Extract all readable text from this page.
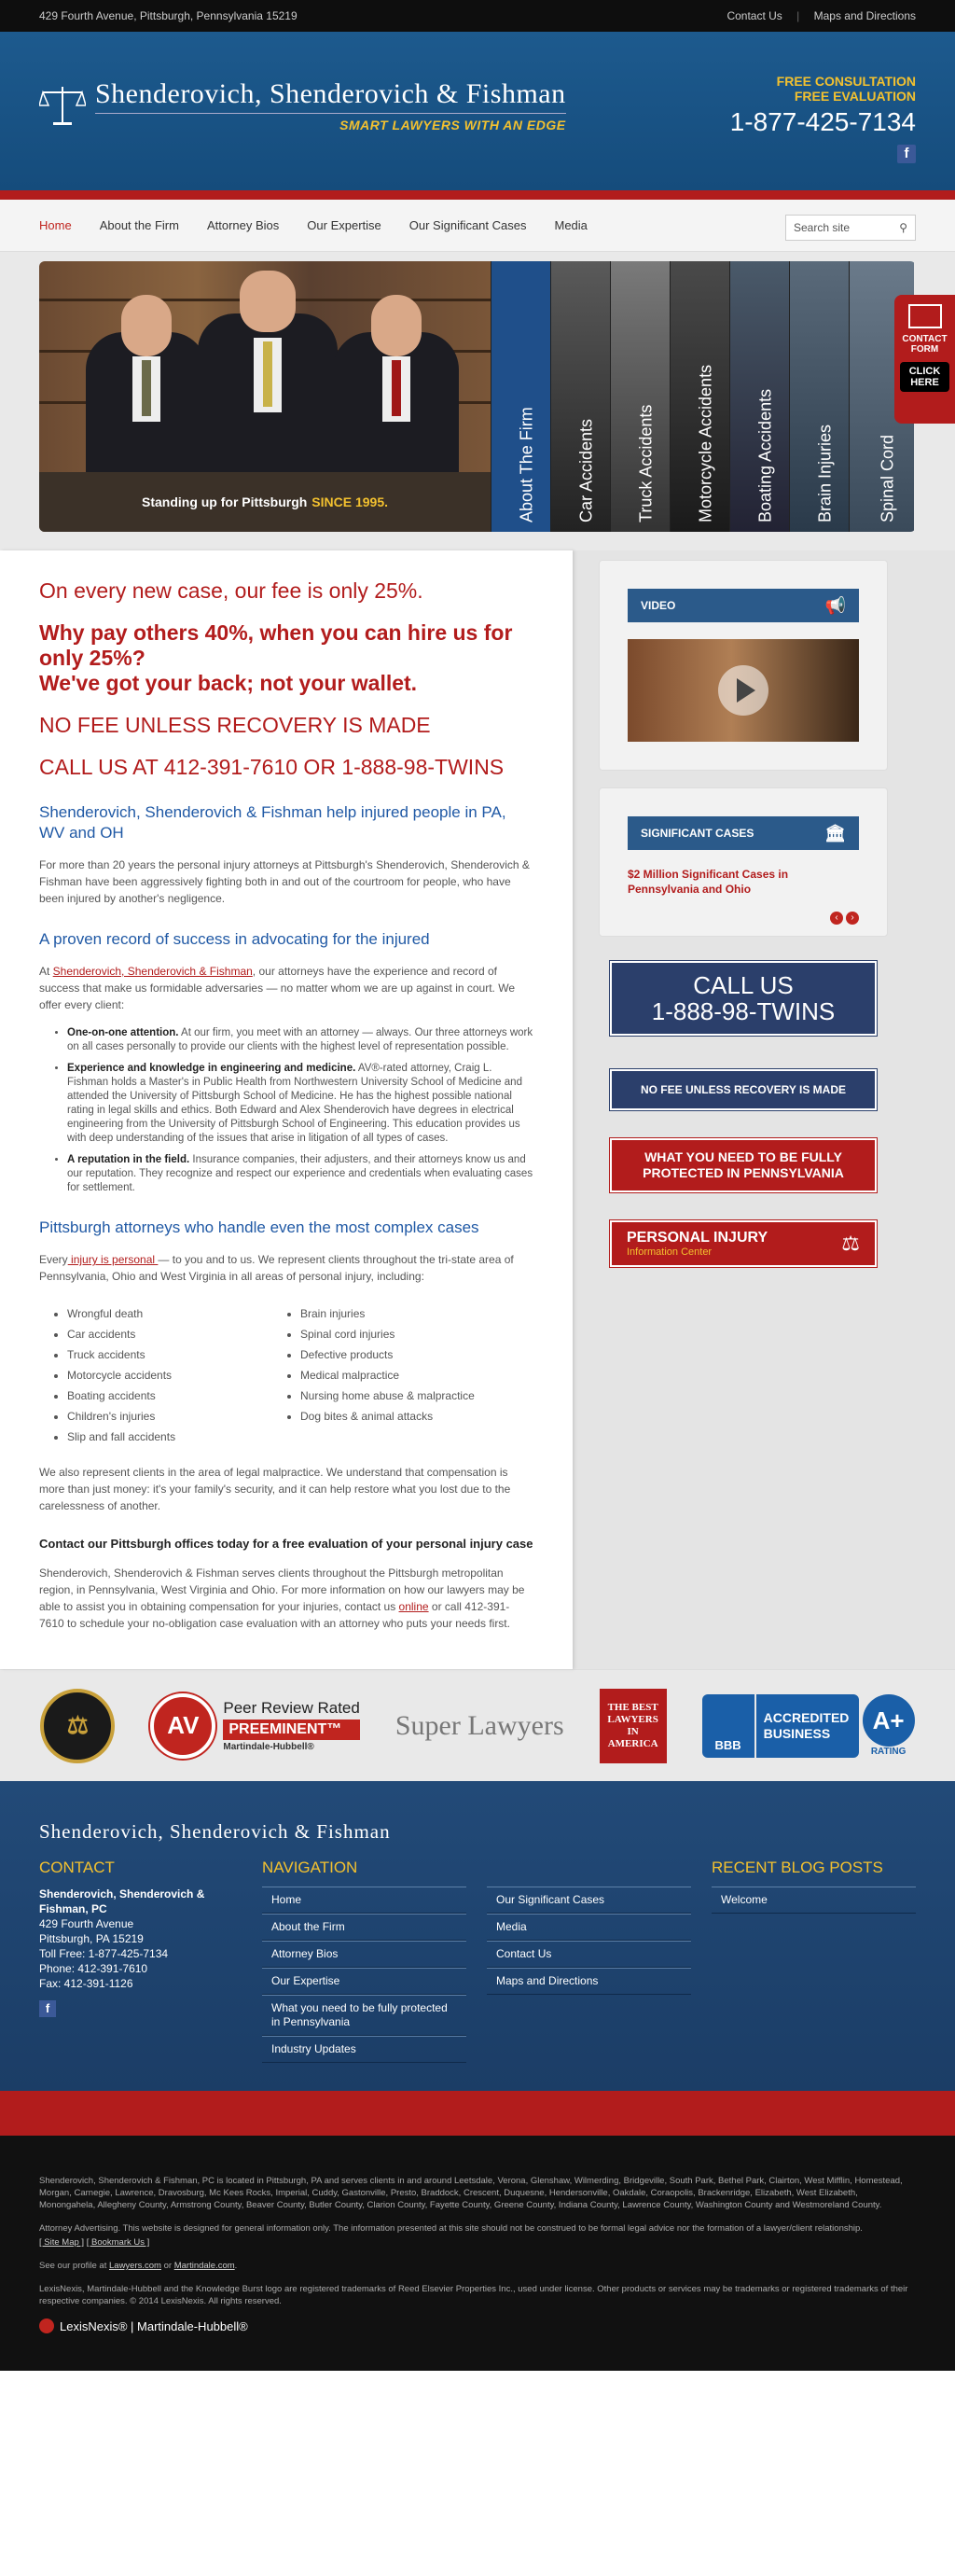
429 Fourth Avenue, Pittsburgh, Pennsylvania 15219	Contact Us | Maps and Directions
Shenderovich, Shenderovich & Fishman
SMART LAWYERS WITH AN EDGE
FREE CONSULTATION
FREE EVALUATION
1-877-425-7134
f
Home About the Firm Attorney Bios Our Expertise Our Significant Cases Media	Search site	⚲
Standing up for Pittsburgh SINCE 1995.	About The Firm Car Accidents Truck Accidents Motorcycle Accidents Boating Accidents Brain Injuries	Spinal Cord
CONTACT
FORM
CLICK HERE
On every new case, our fee is only 25%.
Why pay others 40%, when you can hire us for only 25%?
We've got your back; not your wallet.
NO FEE UNLESS RECOVERY IS MADE
CALL US AT 412-391-7610 OR 1-888-98-TWINS
Shenderovich, Shenderovich & Fishman help injured people in PA, WV and OH

For more than 20 years the personal injury attorneys at Pittsburgh's Shenderovich, Shenderovich & Fishman have been aggressively fighting both in and out of the courtroom for people, who have been injured by another's negligence.

A proven record of success in advocating for the injured

At Shenderovich, Shenderovich & Fishman, our attorneys have the experience and record of success that make us formidable adversaries — no matter whom we are up against in court. We offer every client:

• One-on-one attention. At our firm, you meet with an attorney — always. Our three attorneys work on all cases personally to provide our clients with the highest level of representation possible.
• Experience and knowledge in engineering and medicine. AV®-rated attorney, Craig L. Fishman holds a Master's in Public Health from Northwestern University School of Medicine and attended the University of Pittsburgh School of Medicine. He has the highest possible national rating in legal skills and ethics. Both Edward and Alex Shenderovich have degrees in electrical engineering from the University of Pittsburgh School of Engineering. This education provides us with deep understanding of the issues that arise in litigation of all types of cases.
• A reputation in the field. Insurance companies, their adjusters, and their attorneys know us and our reputation. They recognize and respect our experience and credentials when evaluating cases for settlement.
Pittsburgh attorneys who handle even the most complex cases

Every injury is personal — to you and to us. We represent clients throughout the tri-state area of Pennsylvania, Ohio and West Virginia in all areas of personal injury, including:

• Wrongful death
• Car accidents
• Truck accidents
• Motorcycle accidents
• Boating accidents
• Children's injuries
• Slip and fall accidents
• Brain injuries
• Spinal cord injuries
• Defective products
• Medical malpractice
• Nursing home abuse & malpractice
• Dog bites & animal attacks

We also represent clients in the area of legal malpractice. We understand that compensation is more than just money: it's your family's security, and it can help restore what you lost due to the carelessness of another.

Contact our Pittsburgh offices today for a free evaluation of your personal injury case

Shenderovich, Shenderovich & Fishman serves clients throughout the Pittsburgh metropolitan region, in Pennsylvania, West Virginia and Ohio. For more information on how our lawyers may be able to assist you in obtaining compensation for your injuries, contact us online or call 412-391-7610 to schedule your no-obligation case evaluation with an attorney who puts your needs first.

VIDEO	📢
SIGNIFICANT CASES	🏛
$2 Million Significant Cases in Pennsylvania and Ohio
‹ ›
CALL US
1-888-98-TWINS
NO FEE UNLESS RECOVERY IS MADE
WHAT YOU NEED TO BE FULLY PROTECTED IN PENNSYLVANIA
PERSONAL INJURY
Information Center	⚖
⚖	AV
Peer Review Rated
PREEMINENT™
Martindale-Hubbell®
Super Lawyers
THE BEST LAWYERS IN AMERICA	BBB
ACCREDITED BUSINESS	A+
RATING
Shenderovich, Shenderovich & Fishman
CONTACT
Shenderovich, Shenderovich & Fishman, PC
429 Fourth Avenue
Pittsburgh, PA 15219
Toll Free: 1-877-425-7134
Phone: 412-391-7610
Fax: 412-391-1126
f
NAVIGATION
Home
About the Firm
Attorney Bios
Our Expertise
What you need to be fully protected in Pennsylvania
Industry Updates
Our Significant Cases
Media
Contact Us
Maps and Directions
RECENT BLOG POSTS
Welcome

Shenderovich, Shenderovich & Fishman, PC is located in Pittsburgh, PA and serves clients in and around Leetsdale, Verona, Glenshaw, Wilmerding, Bridgeville, South Park, Bethel Park, Clairton, West Mifflin, Homestead, Morgan, Carnegie, Lawrence, Dravosburg, Mc Kees Rocks, Imperial, Cuddy, Gastonville, Presto, Braddock, Crescent, Duquesne, Hendersonville, Oakdale, Coraopolis, Brackenridge, Elizabeth, West Elizabeth, Monongahela, Allegheny County, Armstrong County, Beaver County, Butler County, Clarion County, Fayette County, Greene County, Indiana County, Lawrence County, Washington County and Westmoreland County.

Attorney Advertising. This website is designed for general information only. The information presented at this site should not be construed to be formal legal advice nor the formation of a lawyer/client relationship.

[ Site Map ] [ Bookmark Us ]

See our profile at Lawyers.com or Martindale.com.

LexisNexis, Martindale-Hubbell and the Knowledge Burst logo are registered trademarks of Reed Elsevier Properties Inc., used under license. Other products or services may be trademarks or registered trademarks of their respective companies. © 2014 LexisNexis. All rights reserved.

LexisNexis® | Martindale-Hubbell®
